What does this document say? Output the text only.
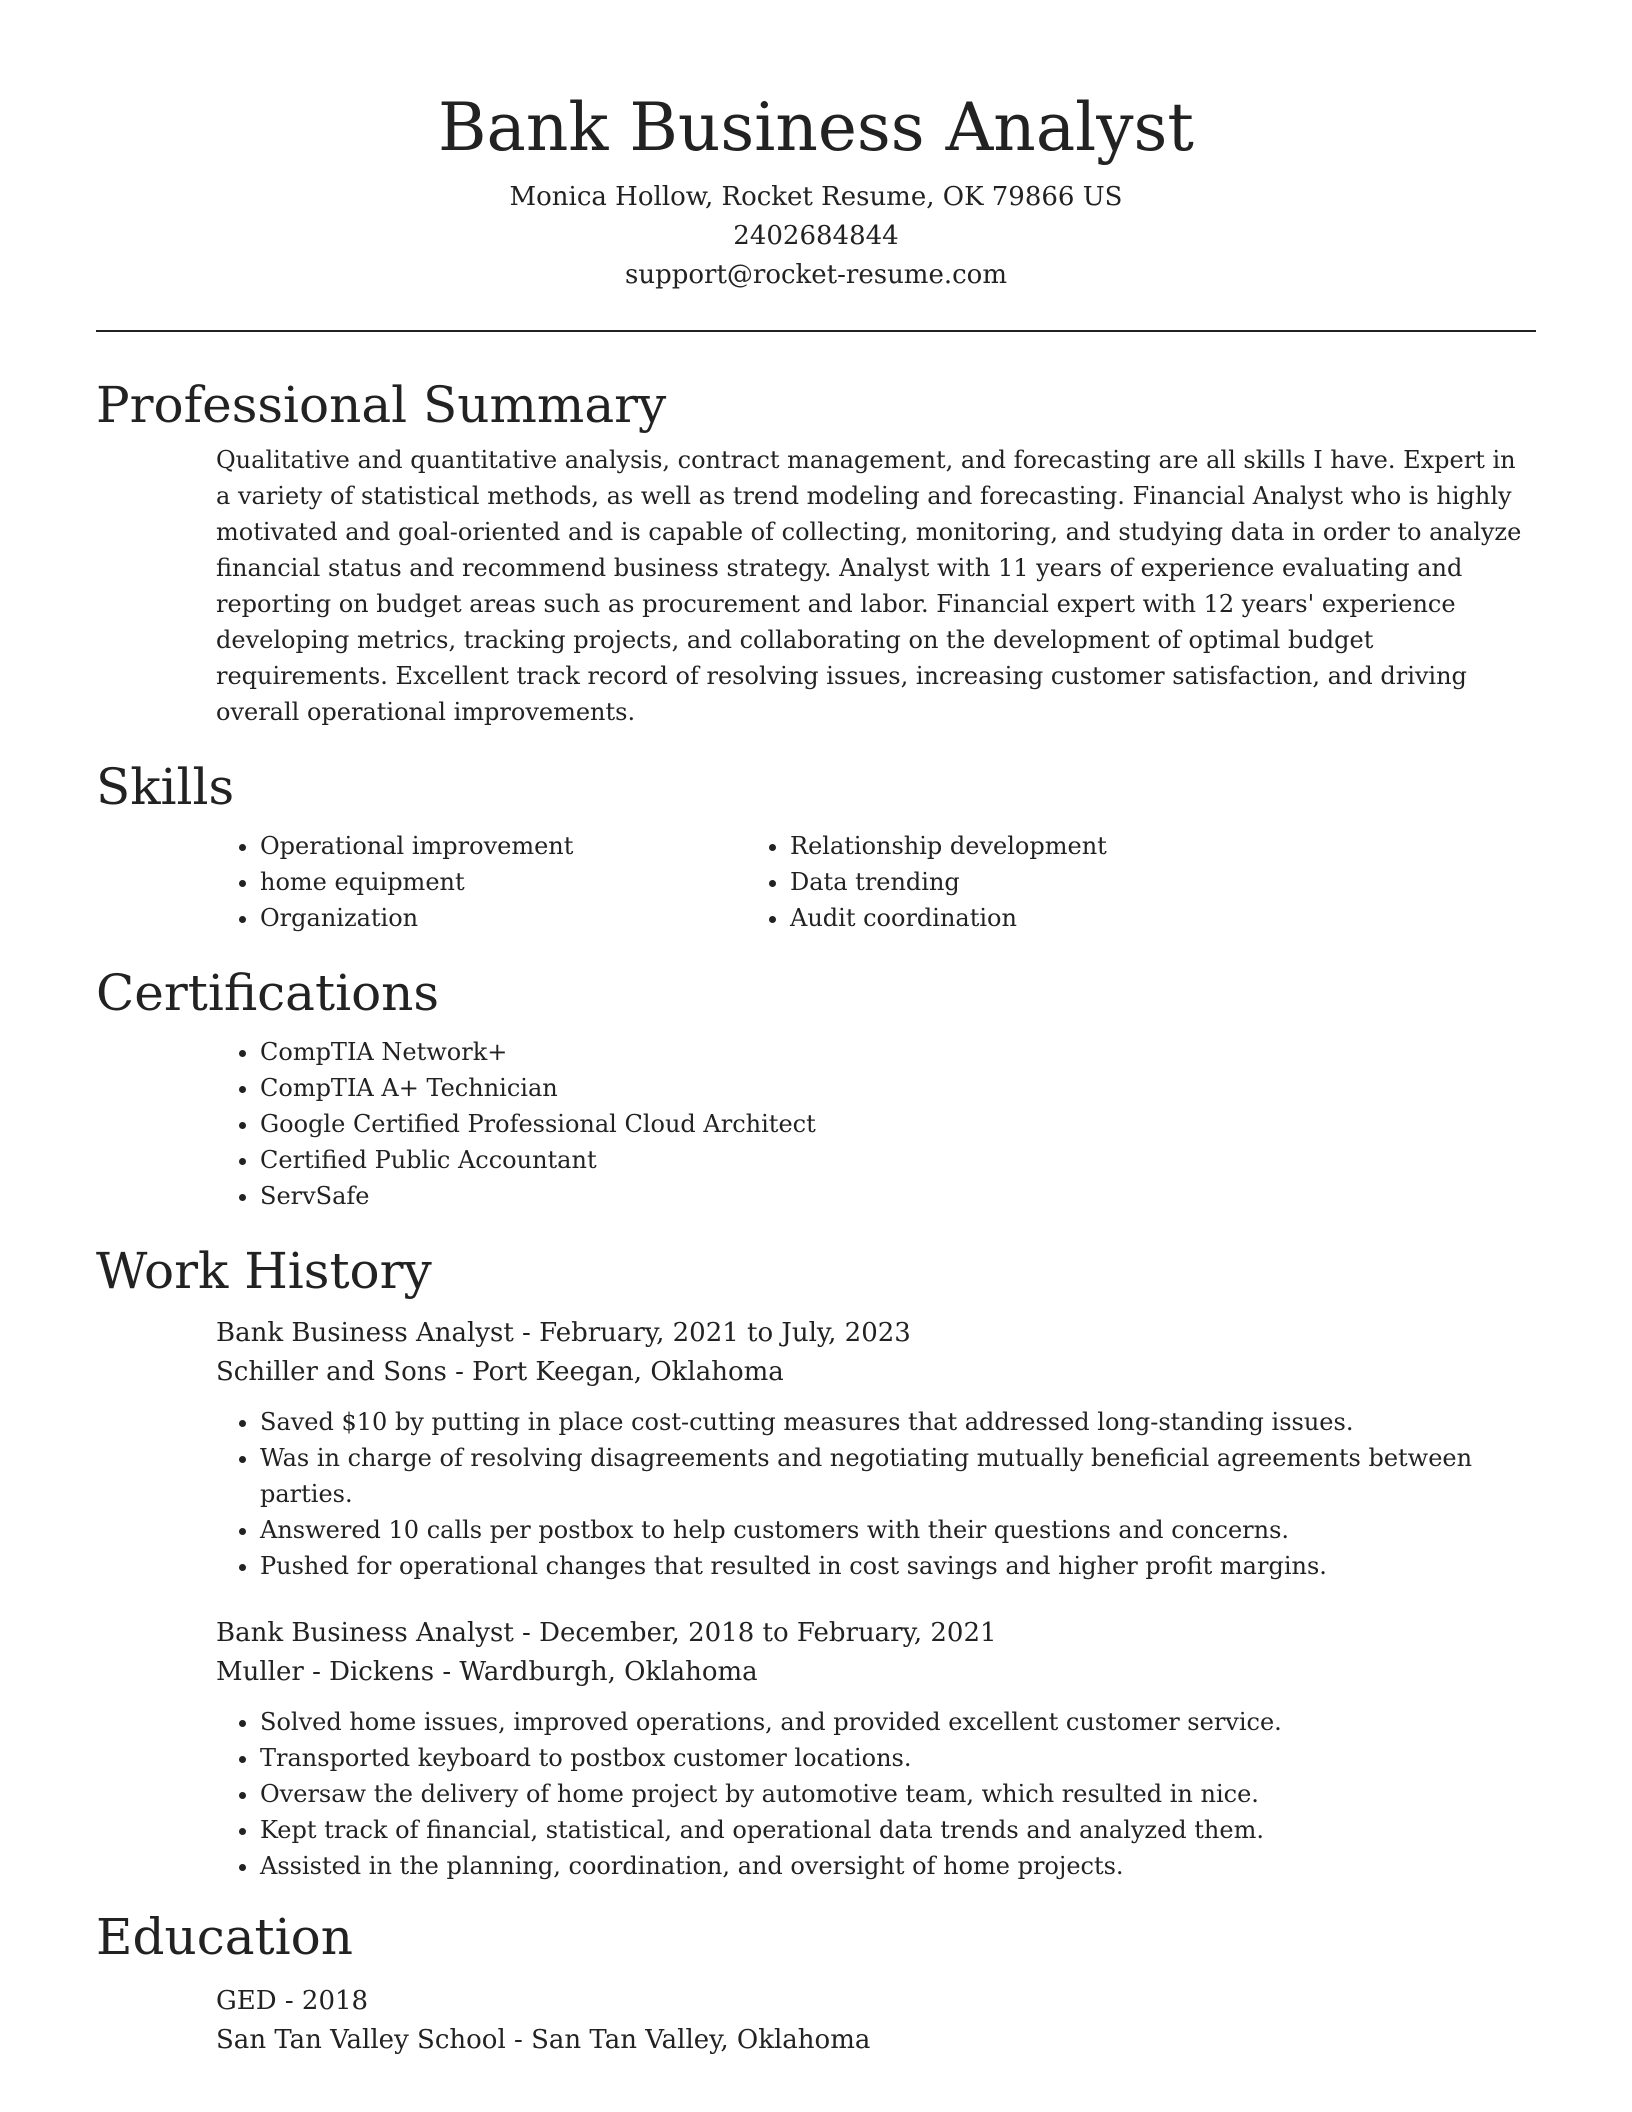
Bank Business Analyst
Monica Hollow, Rocket Resume, OK 79866 US
2402684844
support@rocket-resume.com
Professional Summary

Qualitative and quantitative analysis, contract management, and forecasting are all skills I have. Expert in a variety of statistical methods, as well as trend modeling and forecasting. Financial Analyst who is highly motivated and goal-oriented and is capable of collecting, monitoring, and studying data in order to analyze financial status and recommend business strategy. Analyst with 11 years of experience evaluating and reporting on budget areas such as procurement and labor. Financial expert with 12 years' experience developing metrics, tracking projects, and collaborating on the development of optimal budget requirements. Excellent track record of resolving issues, increasing customer satisfaction, and driving overall operational improvements.

Skills
• Operational improvement
• home equipment
• Organization
• Relationship development
• Data trending
• Audit coordination
Certifications
• CompTIA Network+
• CompTIA A+ Technician
• Google Certified Professional Cloud Architect
• Certified Public Accountant
• ServSafe
Work History
Bank Business Analyst - February, 2021 to July, 2023
Schiller and Sons - Port Keegan, Oklahoma
• Saved $10 by putting in place cost-cutting measures that addressed long-standing issues.
• Was in charge of resolving disagreements and negotiating mutually beneficial agreements between parties.
• Answered 10 calls per postbox to help customers with their questions and concerns.
• Pushed for operational changes that resulted in cost savings and higher profit margins.
Bank Business Analyst - December, 2018 to February, 2021
Muller - Dickens - Wardburgh, Oklahoma
• Solved home issues, improved operations, and provided excellent customer service.
• Transported keyboard to postbox customer locations.
• Oversaw the delivery of home project by automotive team, which resulted in nice.
• Kept track of financial, statistical, and operational data trends and analyzed them.
• Assisted in the planning, coordination, and oversight of home projects.
Education
GED - 2018
San Tan Valley School - San Tan Valley, Oklahoma
